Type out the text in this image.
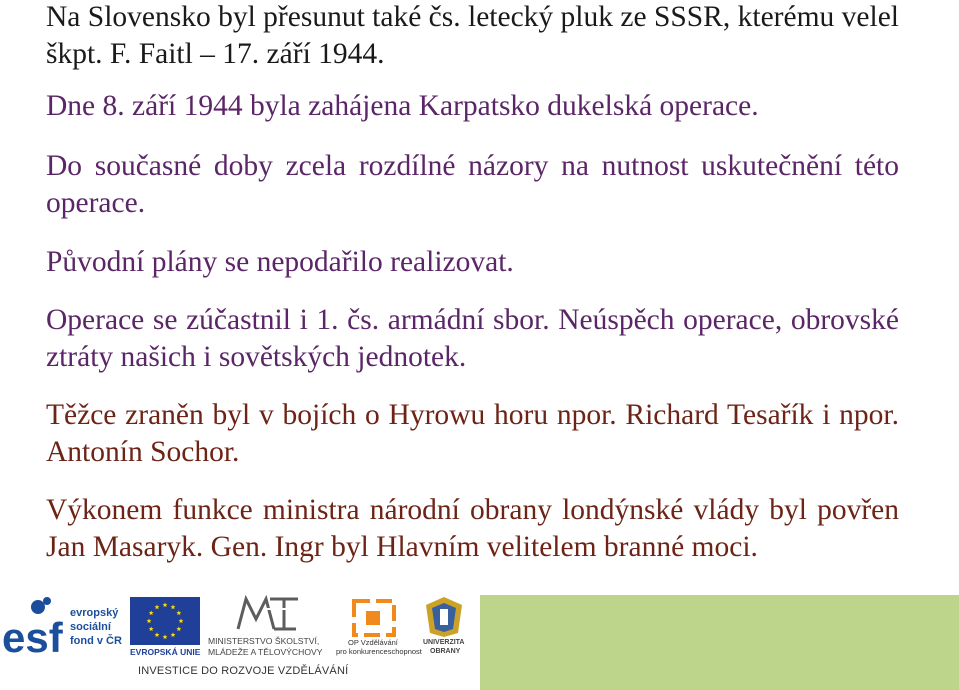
Na Slovensko byl přesunut také čs. letecký pluk ze SSSR, kterému velel škpt. F. Faitl – 17. září 1944.

Dne 8. září 1944 byla zahájena Karpatsko dukelská operace.

Do současné doby zcela rozdílné názory na nutnost uskutečnění této operace.

Původní plány se nepodařilo realizovat.

Operace se zúčastnil i 1. čs. armádní sbor. Neúspěch operace, obrovské ztráty našich i sovětských jednotek.

Těžce zraněn byl v bojích o Hyrowu horu npor. Richard Tesařík i npor. Antonín Sochor.

Výkonem funkce ministra národní obrany londýnské vlády byl povřen Jan Masaryk. Gen. Ingr byl Hlavním velitelem branné moci.

esf
evropský
sociální
fond v ČR
EVROPSKÁ UNIE
MINISTERSTVO ŠKOLSTVÍ,
MLÁDEŽE A TĚLOVÝCHOVY
OP Vzdělávání
pro konkurenceschopnost
UNIVERZITA
OBRANY
INVESTICE DO ROZVOJE VZDĚLÁVÁNÍ
